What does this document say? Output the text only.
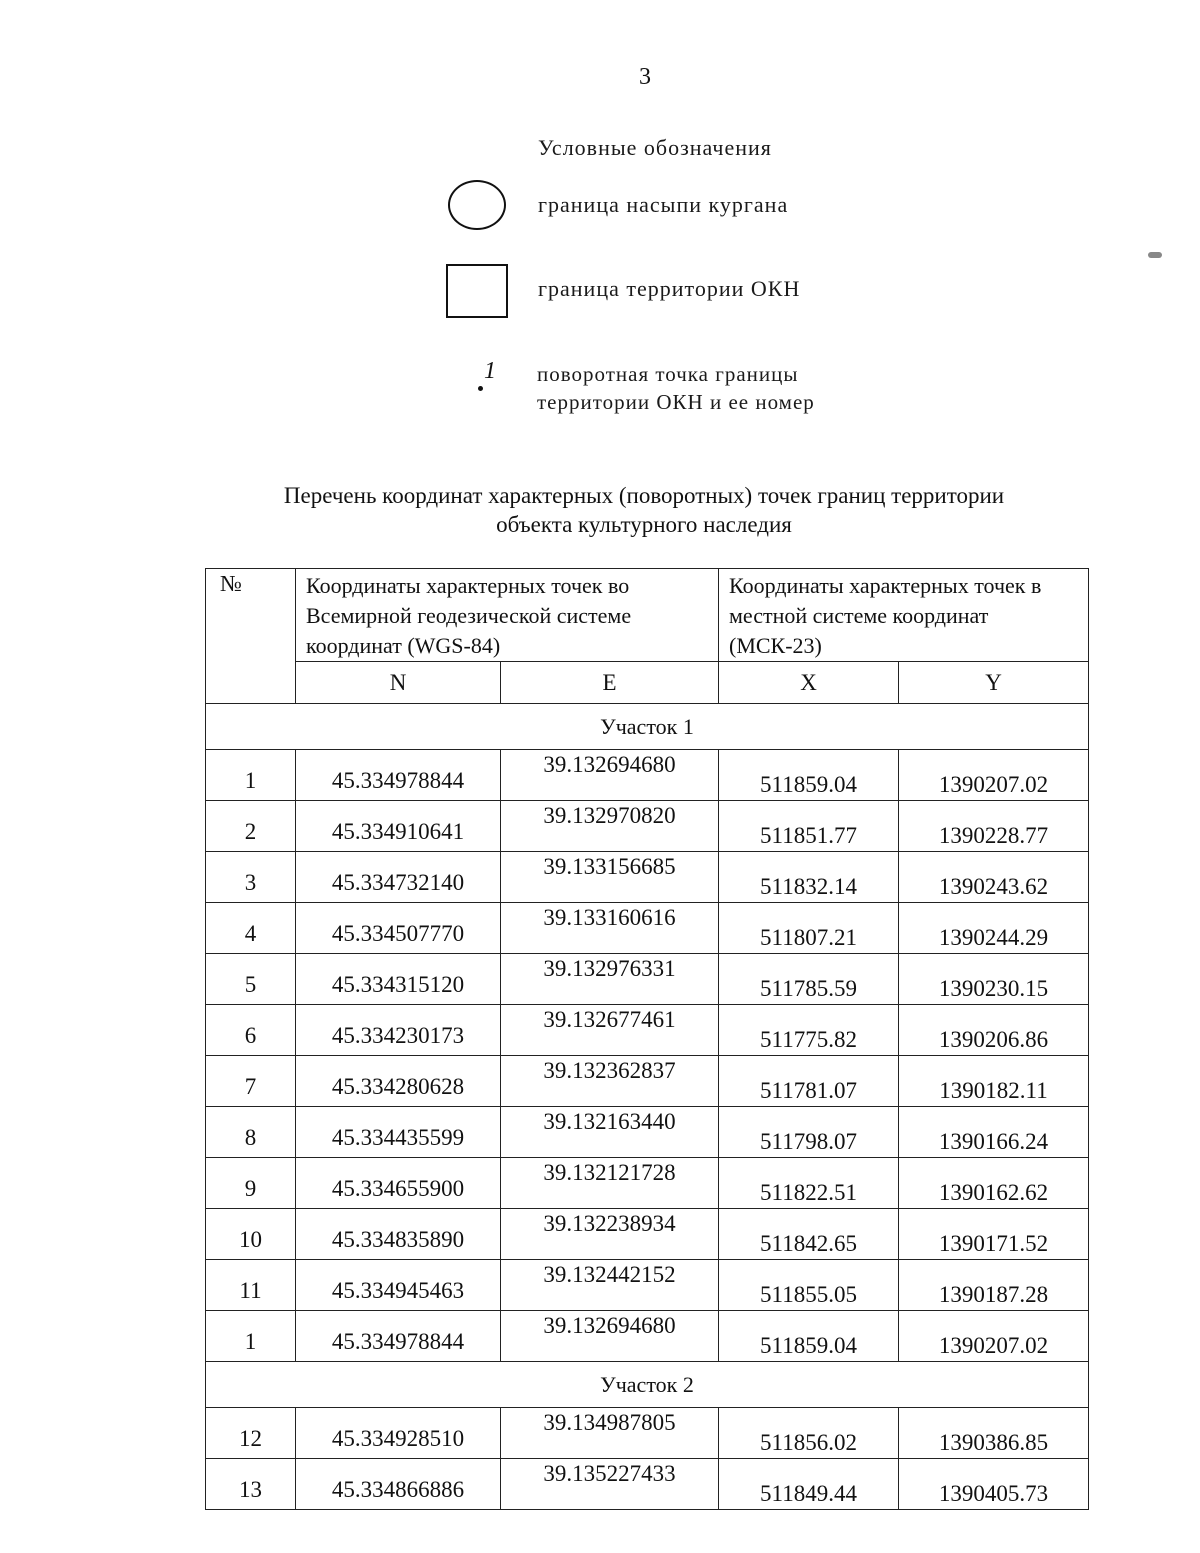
3
Условные обозначения
граница насыпи кургана
граница территории ОКН
1 поворотная точка границы
территории ОКН и ее номер
Перечень координат характерных (поворотных) точек границ территории
объекта культурного наследия
№	Координаты характерных точек во Всемирной геодезической системе координат (WGS-84)		Координаты характерных точек в местной системе координат (МСК-23)	
	N	E	X	Y
Участок 1				
1	45.334978844	39.132694680	511859.04	1390207.02
2	45.334910641	39.132970820	511851.77	1390228.77
3	45.334732140	39.133156685	511832.14	1390243.62
4	45.334507770	39.133160616	511807.21	1390244.29
5	45.334315120	39.132976331	511785.59	1390230.15
6	45.334230173	39.132677461	511775.82	1390206.86
7	45.334280628	39.132362837	511781.07	1390182.11
8	45.334435599	39.132163440	511798.07	1390166.24
9	45.334655900	39.132121728	511822.51	1390162.62
10	45.334835890	39.132238934	511842.65	1390171.52
11	45.334945463	39.132442152	511855.05	1390187.28
1	45.334978844	39.132694680	511859.04	1390207.02
Участок 2				
12	45.334928510	39.134987805	511856.02	1390386.85
13	45.334866886	39.135227433	511849.44	1390405.73
